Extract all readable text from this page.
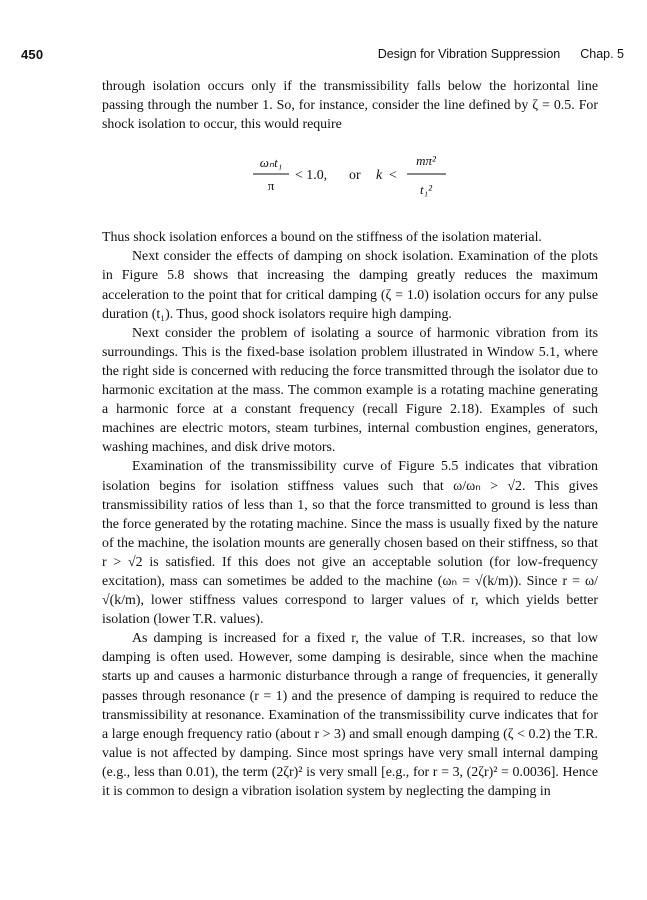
450	Design for Vibration Suppression Chap. 5

through isolation occurs only if the transmissibility falls below the horizontal line passing through the number 1. So, for instance, consider the line defined by ζ = 0.5. For shock isolation to occur, this would require

ωₙt₁
π
< 1.0, or k <
mπ²
t₁²

Thus shock isolation enforces a bound on the stiffness of the isolation material.

Next consider the effects of damping on shock isolation. Examination of the plots in Figure 5.8 shows that increasing the damping greatly reduces the maximum acceleration to the point that for critical damping (ζ = 1.0) isolation occurs for any pulse duration (t₁). Thus, good shock isolators require high damping.

Next consider the problem of isolating a source of harmonic vibration from its surroundings. This is the fixed-base isolation problem illustrated in Window 5.1, where the right side is concerned with reducing the force transmitted through the isolator due to harmonic excitation at the mass. The common example is a rotating machine generating a harmonic force at a constant frequency (recall Figure 2.18). Examples of such machines are electric motors, steam turbines, internal combustion engines, generators, washing machines, and disk drive motors.

Examination of the transmissibility curve of Figure 5.5 indicates that vibration isolation begins for isolation stiffness values such that ω/ωₙ > √2. This gives transmissibility ratios of less than 1, so that the force transmitted to ground is less than the force generated by the rotating machine. Since the mass is usually fixed by the nature of the machine, the isolation mounts are generally chosen based on their stiffness, so that r > √2 is satisfied. If this does not give an acceptable solution (for low-frequency excitation), mass can sometimes be added to the machine (ωₙ = √(k/m)). Since r = ω/√(k/m), lower stiffness values correspond to larger values of r, which yields better isolation (lower T.R. values).

As damping is increased for a fixed r, the value of T.R. increases, so that low damping is often used. However, some damping is desirable, since when the machine starts up and causes a harmonic disturbance through a range of frequencies, it generally passes through resonance (r = 1) and the presence of damping is required to reduce the transmissibility at resonance. Examination of the transmissibility curve indicates that for a large enough frequency ratio (about r > 3) and small enough damping (ζ < 0.2) the T.R. value is not affected by damping. Since most springs have very small internal damping (e.g., less than 0.01), the term (2ζr)² is very small [e.g., for r = 3, (2ζr)² = 0.0036]. Hence it is common to design a vibration isolation system by neglecting the damping in
